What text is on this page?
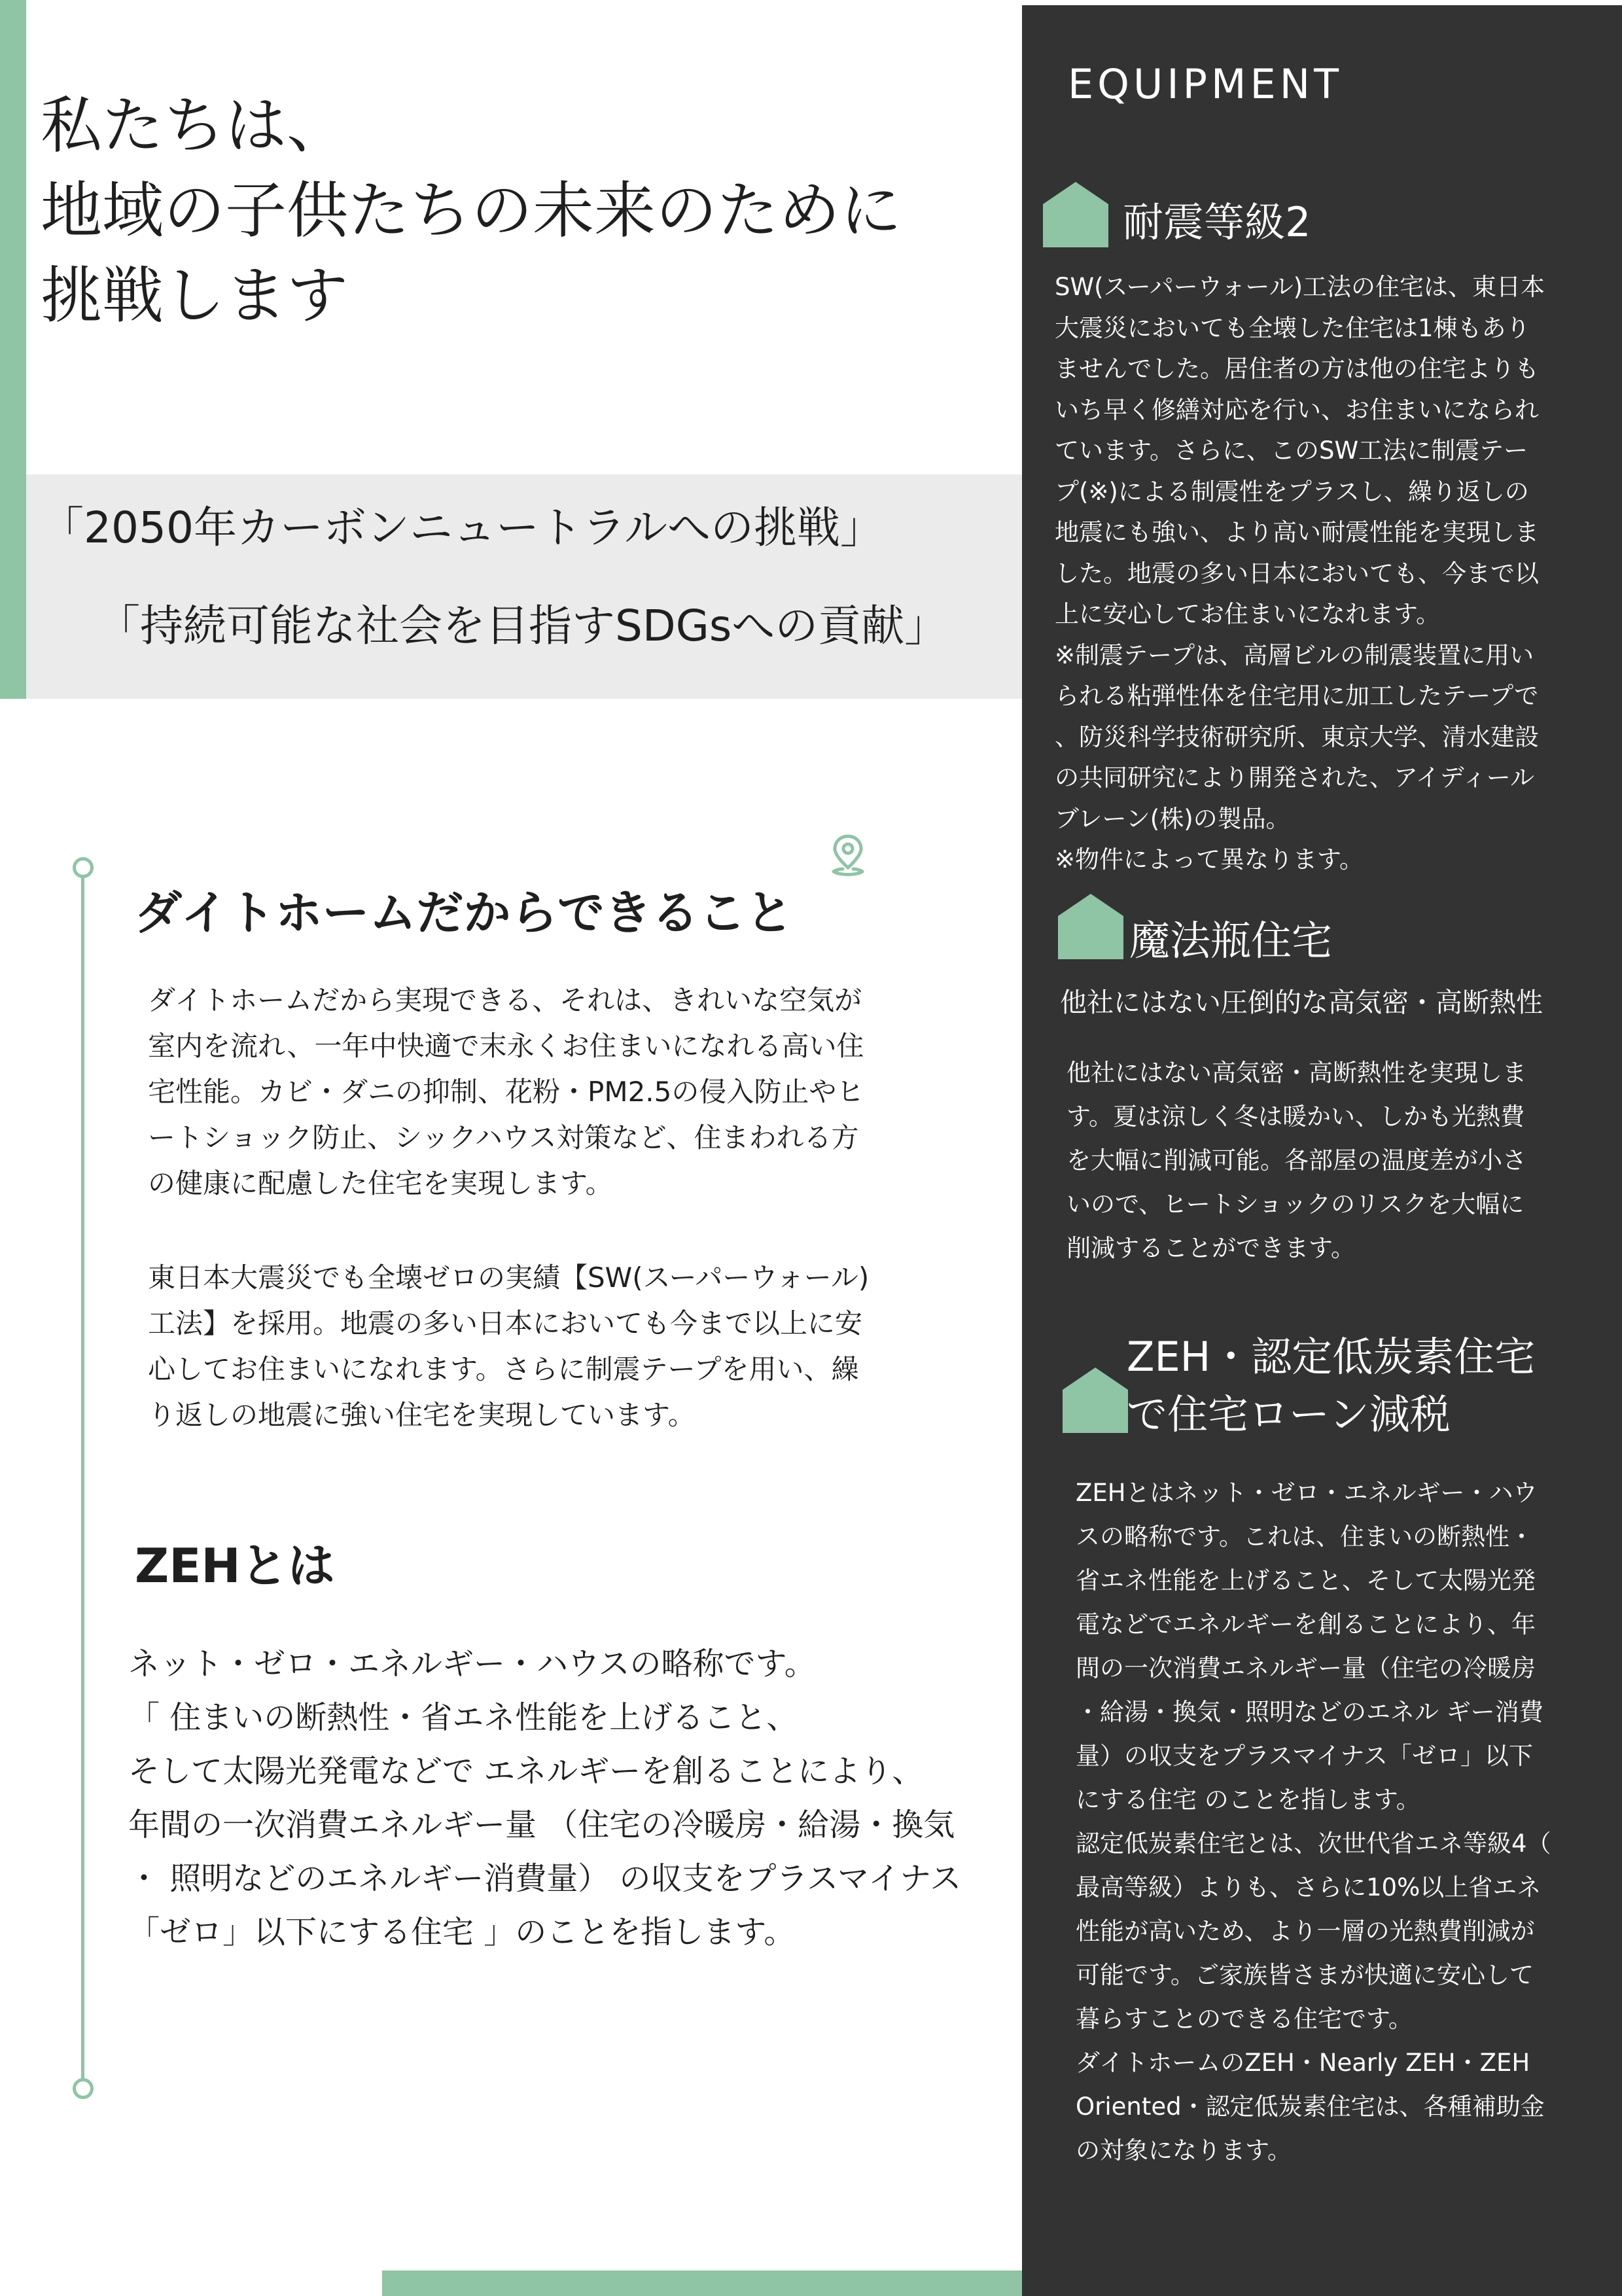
私たちは、
地域の子供たちの未来のために
挑戦します
「2050年カーボンニュートラルへの挑戦」
「持続可能な社会を目指すSDGsへの貢献」
ダイトホームだからできること
ダイトホームだから実現できる、それは、きれいな空気が
室内を流れ、一年中快適で末永くお住まいになれる高い住
宅性能。カビ・ダニの抑制、花粉・PM2.5の侵入防止やヒ
ートショック防止、シックハウス対策など、住まわれる方
の健康に配慮した住宅を実現します。
東日本大震災でも全壊ゼロの実績【SW(スーパーウォール)
工法】を採用。地震の多い日本においても今まで以上に安
心してお住まいになれます。さらに制震テープを用い、繰
り返しの地震に強い住宅を実現しています。
ZEHとは
ネット・ゼロ・エネルギー・ハウスの略称です。
「 住まいの断熱性・省エネ性能を上げること、
そして太陽光発電などで エネルギーを創ることにより、
年間の一次消費エネルギー量 （住宅の冷暖房・給湯・換気
・ 照明などのエネルギー消費量） の収支をプラスマイナス
「ゼロ」以下にする住宅 」のことを指します。
EQUIPMENT
耐震等級2
SW(スーパーウォール)工法の住宅は、東日本
大震災においても全壊した住宅は1棟もあり
ませんでした。居住者の方は他の住宅よりも
いち早く修繕対応を行い、お住まいになられ
ています。さらに、このSW工法に制震テー
プ(※)による制震性をプラスし、繰り返しの
地震にも強い、より高い耐震性能を実現しま
した。地震の多い日本においても、今まで以
上に安心してお住まいになれます。
※制震テープは、高層ビルの制震装置に用い
られる粘弾性体を住宅用に加工したテープで
、防災科学技術研究所、東京大学、清水建設
の共同研究により開発された、アイディール
ブレーン(株)の製品。
※物件によって異なります。
魔法瓶住宅
他社にはない圧倒的な高気密・高断熱性
他社にはない高気密・高断熱性を実現しま
す。夏は涼しく冬は暖かい、しかも光熱費
を大幅に削減可能。各部屋の温度差が小さ
いので、ヒートショックのリスクを大幅に
削減することができます。
ZEH・認定低炭素住宅
で住宅ローン減税
ZEHとはネット・ゼロ・エネルギー・ハウ
スの略称です。これは、住まいの断熱性・
省エネ性能を上げること、そして太陽光発
電などでエネルギーを創ることにより、年
間の一次消費エネルギー量（住宅の冷暖房
・給湯・換気・照明などのエネル ギー消費
量）の収支をプラスマイナス「ゼロ」以下
にする住宅 のことを指します。
認定低炭素住宅とは、次世代省エネ等級4（
最高等級）よりも、さらに10%以上省エネ
性能が高いため、より一層の光熱費削減が
可能です。ご家族皆さまが快適に安心して
暮らすことのできる住宅です。
ダイトホームのZEH・Nearly ZEH・ZEH
Oriented・認定低炭素住宅は、各種補助金
の対象になります。
